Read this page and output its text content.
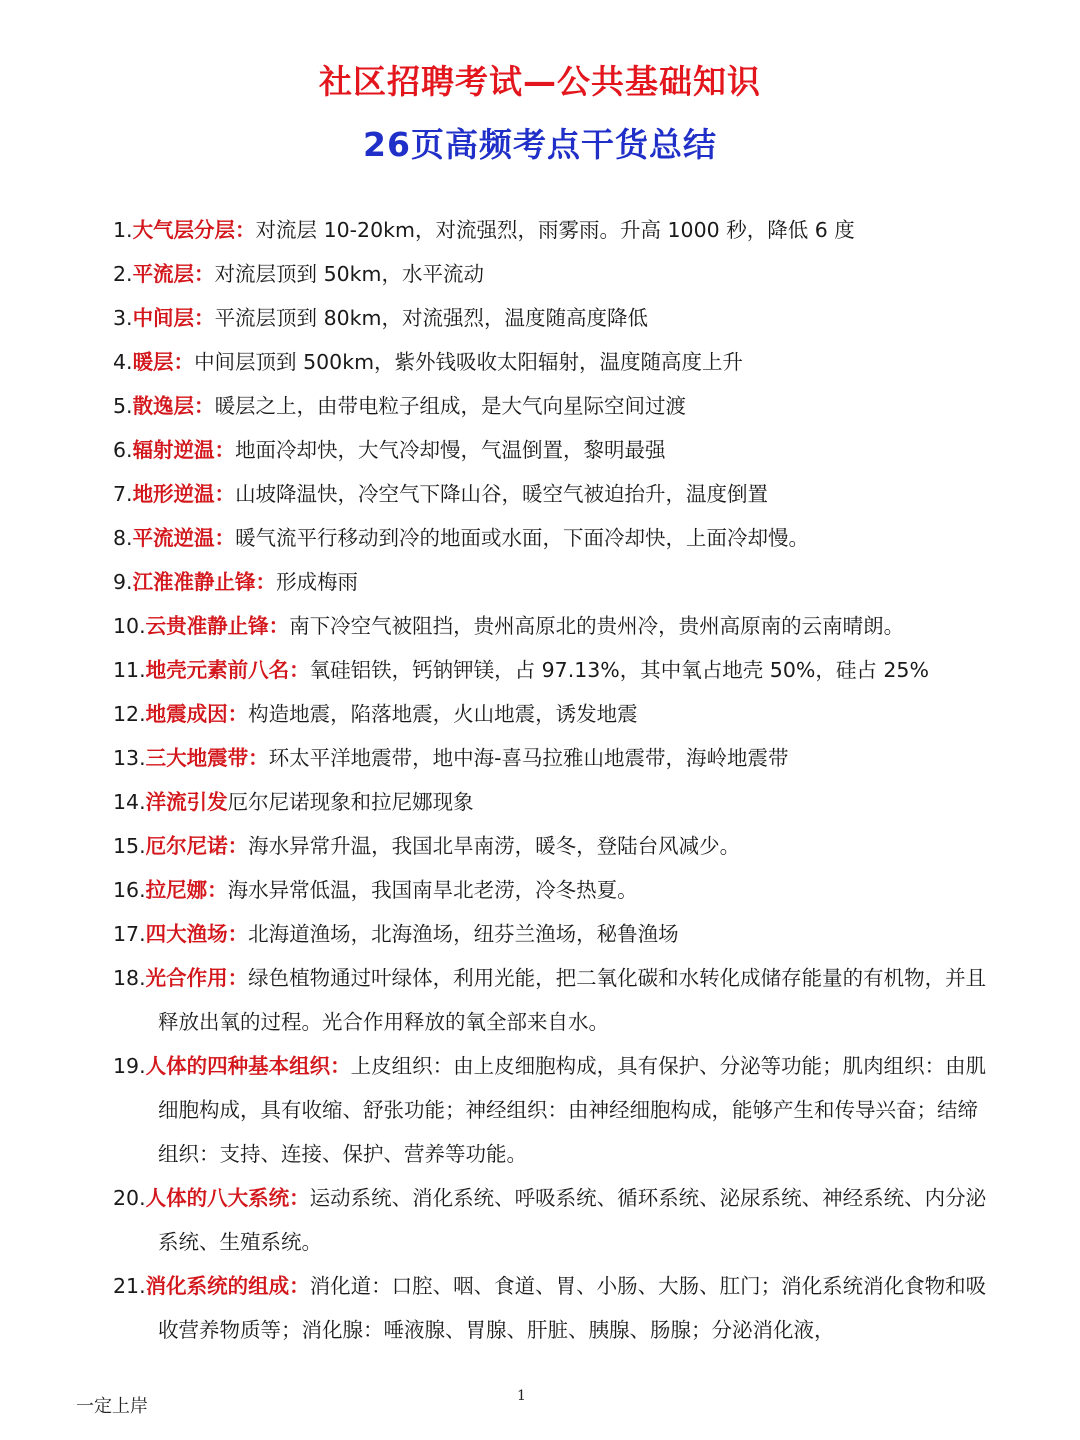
社区招聘考试—公共基础知识
26页高频考点干货总结
1.大气层分层：对流层 10-20km，对流强烈，雨雾雨。升高 1000 秒，降低 6 度
2.平流层：对流层顶到 50km，水平流动
3.中间层：平流层顶到 80km，对流强烈，温度随高度降低
4.暖层：中间层顶到 500km，紫外钱吸收太阳辐射，温度随高度上升
5.散逸层：暖层之上，由带电粒子组成，是大气向星际空间过渡
6.辐射逆温：地面冷却快，大气冷却慢，气温倒置，黎明最强
7.地形逆温：山坡降温快，冷空气下降山谷，暖空气被迫抬升，温度倒置
8.平流逆温：暖气流平行移动到冷的地面或水面，下面冷却快，上面冷却慢。
9.江淮准静止锋：形成梅雨
10.云贵准静止锋：南下冷空气被阻挡，贵州高原北的贵州冷，贵州高原南的云南晴朗。
11.地壳元素前八名：氧硅铝铁，钙钠钾镁，占 97.13%，其中氧占地壳 50%，硅占 25%
12.地震成因：构造地震，陷落地震，火山地震，诱发地震
13.三大地震带：环太平洋地震带，地中海-喜马拉雅山地震带，海岭地震带
14.洋流引发厄尔尼诺现象和拉尼娜现象
15.厄尔尼诺：海水异常升温，我国北旱南涝，暖冬，登陆台风减少。
16.拉尼娜：海水异常低温，我国南旱北老涝，冷冬热夏。
17.四大渔场：北海道渔场，北海渔场，纽芬兰渔场，秘鲁渔场
18.光合作用：绿色植物通过叶绿体，利用光能，把二氧化碳和水转化成储存能量的有机物，并且释放出氧的过程。光合作用释放的氧全部来自水。
19.人体的四种基本组织：上皮组织：由上皮细胞构成，具有保护、分泌等功能；肌肉组织：由肌细胞构成，具有收缩、舒张功能；神经组织：由神经细胞构成，能够产生和传导兴奋；结缔组织：支持、连接、保护、营养等功能。
20.人体的八大系统：运动系统、消化系统、呼吸系统、循环系统、泌尿系统、神经系统、内分泌系统、生殖系统。
21.消化系统的组成：消化道：口腔、咽、食道、胃、小肠、大肠、肛门；消化系统消化食物和吸收营养物质等；消化腺：唾液腺、胃腺、肝脏、胰腺、肠腺；分泌消化液，
一定上岸	1
